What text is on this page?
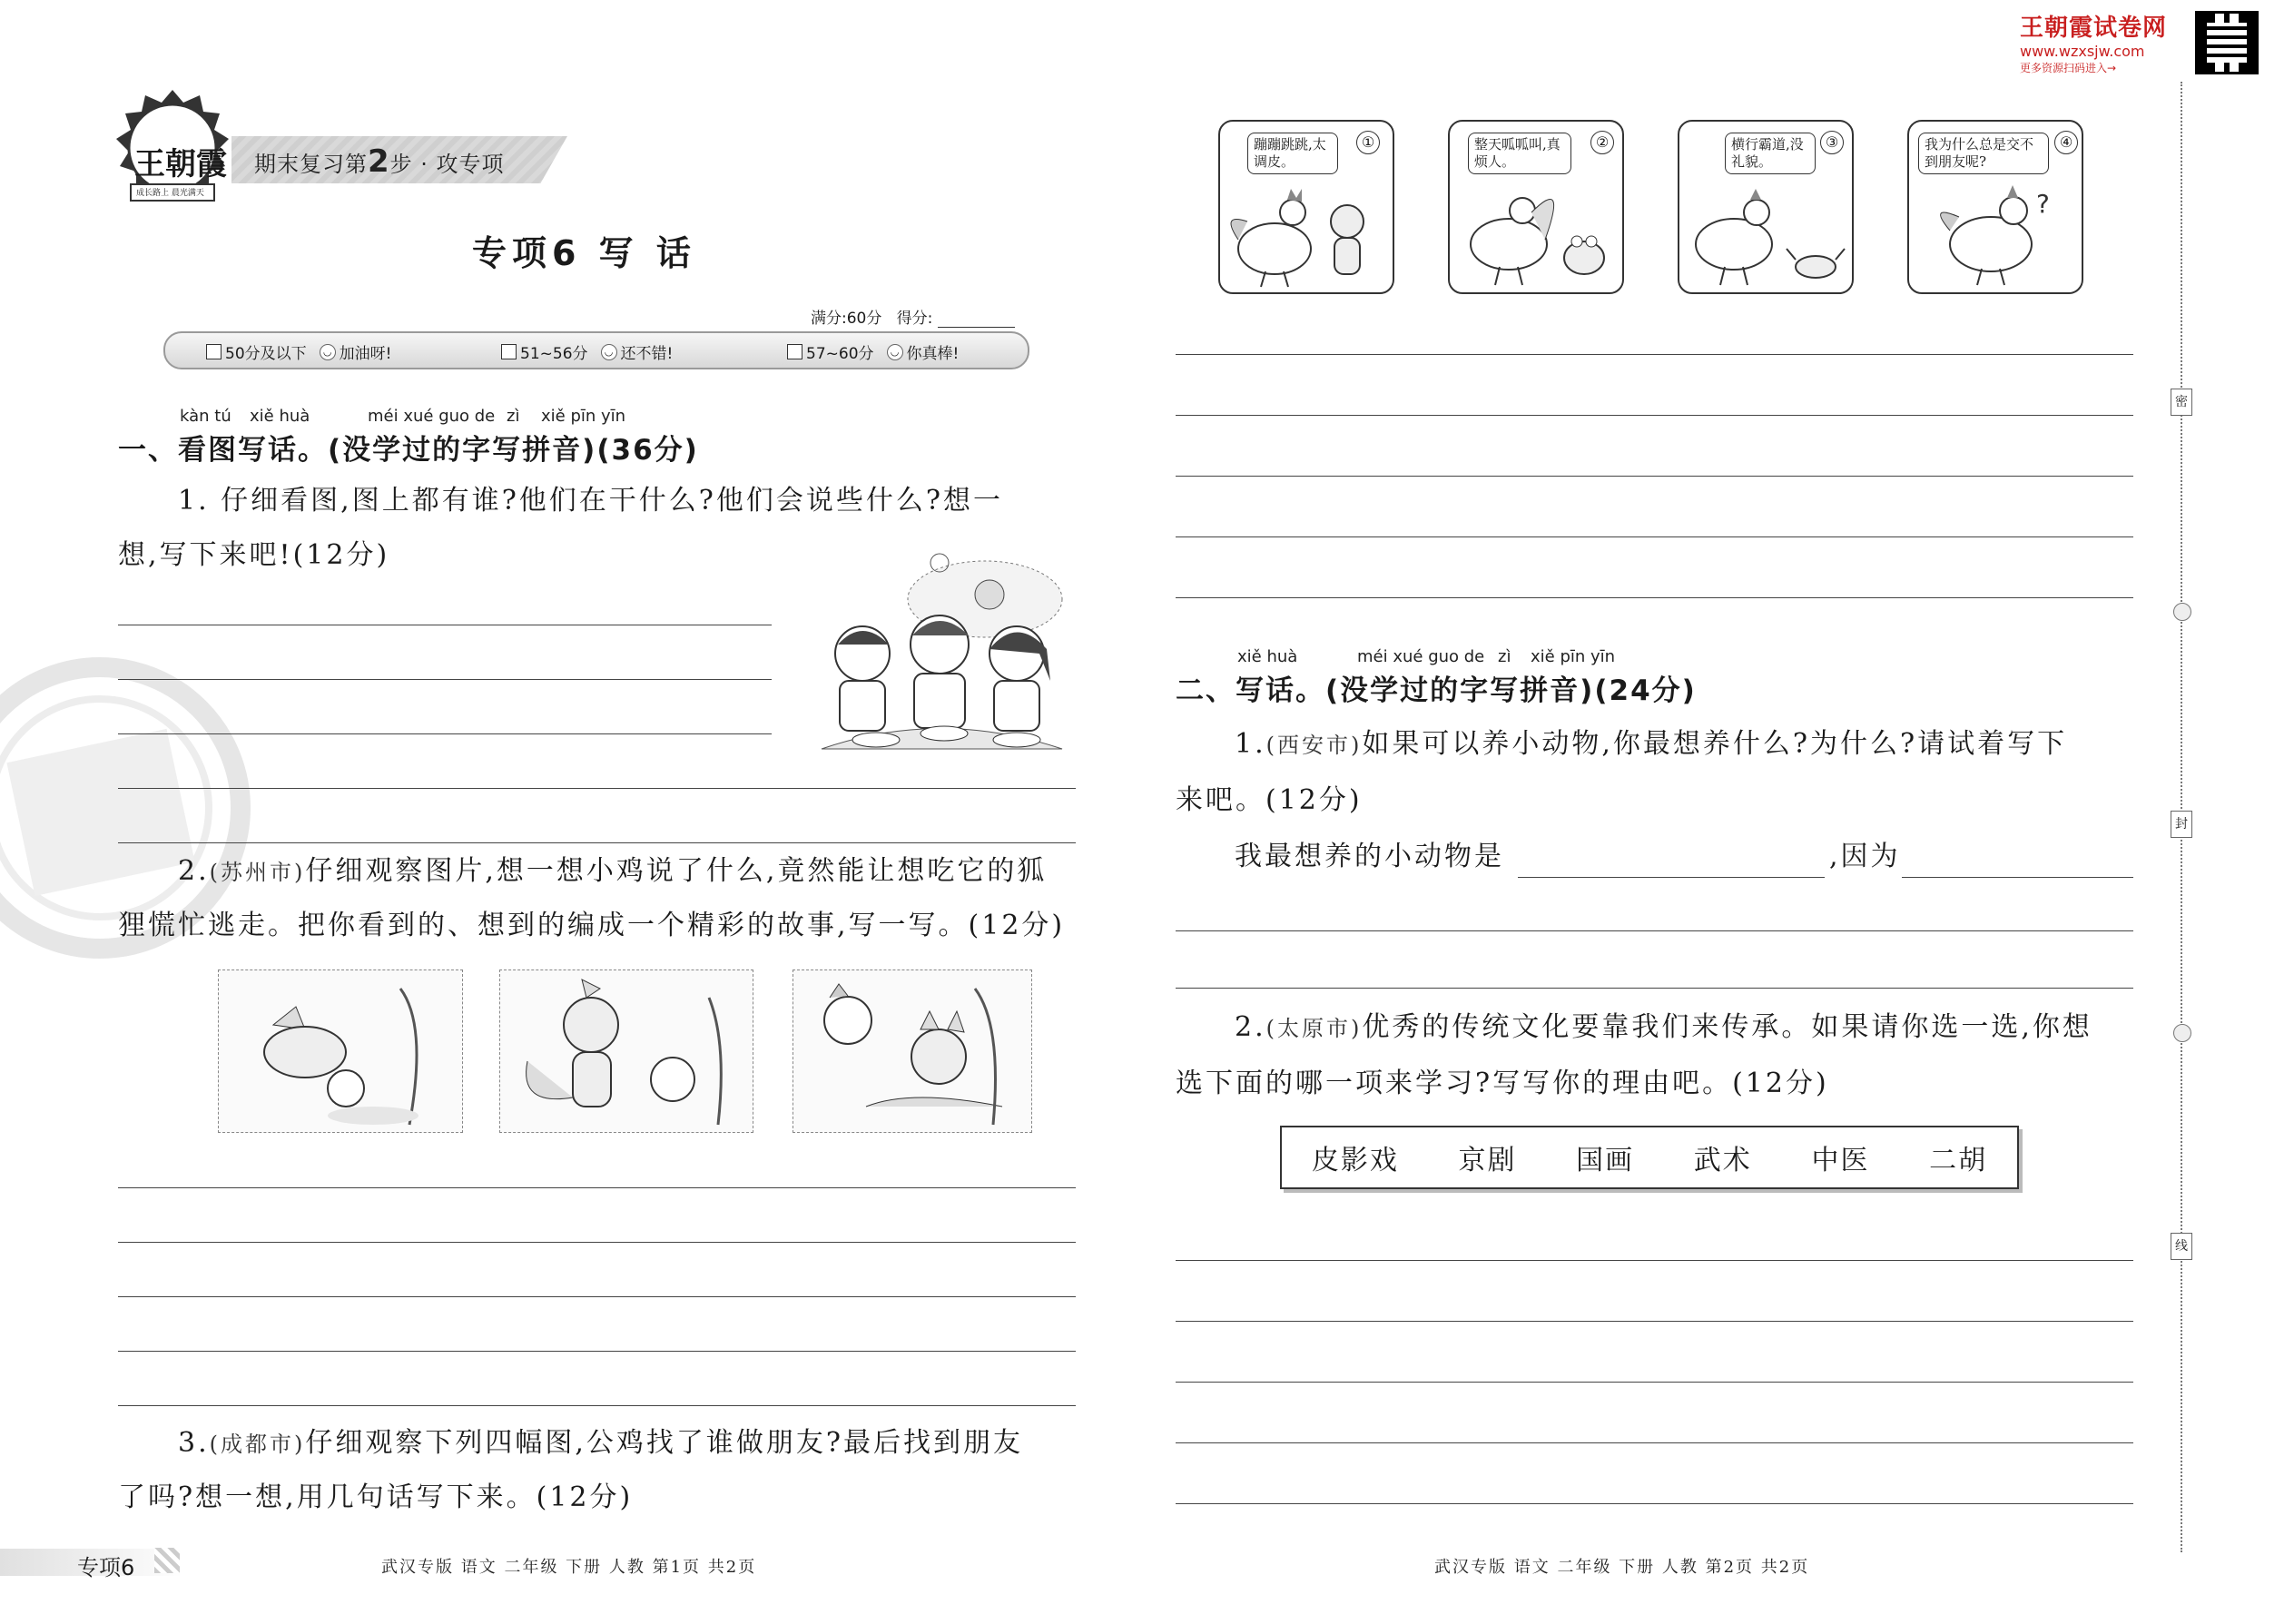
王朝霞试卷网
www.wzxsjw.com
更多资源扫码进入→
王朝霞
成长路上 晨光满天
期末复习第2步 · 攻专项
专项6 写 话
满分:60分 得分:
50分及以下	◡ 加油呀!	51~56分	◡ 还不错!	57~60分	◡ 你真棒!
kàn tú xiě huà	méi xué guo de zì xiě pīn yīn
一、看图写话。(没学过的字写拼音)(36分)
1. 仔细看图,图上都有谁?他们在干什么?他们会说些什么?想一
想,写下来吧!(12分)
2.(苏州市)仔细观察图片,想一想小鸡说了什么,竟然能让想吃它的狐
狸慌忙逃走。把你看到的、想到的编成一个精彩的故事,写一写。(12分)
3.(成都市)仔细观察下列四幅图,公鸡找了谁做朋友?最后找到朋友
了吗?想一想,用几句话写下来。(12分)
专项6	武汉专版 语文 二年级 下册 人教 第1页 共2页
蹦蹦跳跳,太调皮。
①	整天呱呱叫,真烦人。
②	横行霸道,没礼貌。
③	我为什么总是交不到朋友呢?
④
?
xiě huà	méi xué guo de zì xiě pīn yīn
二、写话。(没学过的字写拼音)(24分)
1.(西安市)如果可以养小动物,你最想养什么?为什么?请试着写下
来吧。(12分)
我最想养的小动物是	,因为
2.(太原市)优秀的传统文化要靠我们来传承。如果请你选一选,你想
选下面的哪一项来学习?写写你的理由吧。(12分)
皮影戏 京剧 国画 武术 中医 二胡
武汉专版 语文 二年级 下册 人教 第2页 共2页
密
封
线
